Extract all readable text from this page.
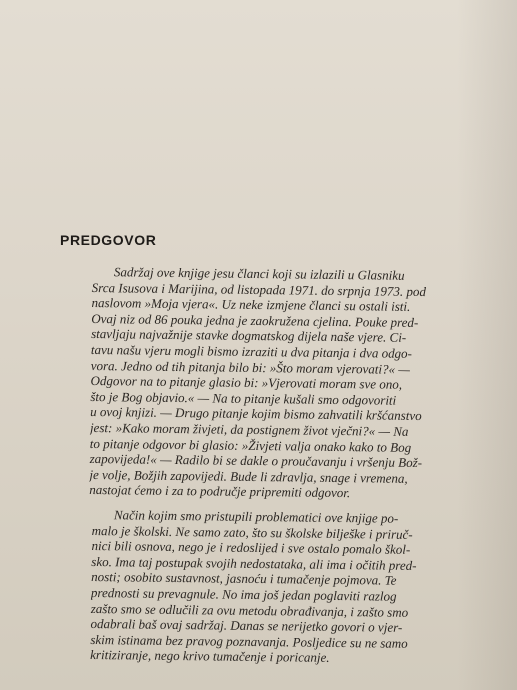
PREDGOVOR
Sadržaj ove knjige jesu članci koji su izlazili u Glasniku
Srca Isusova i Marijina, od listopada 1971. do srpnja 1973. pod
naslovom »Moja vjera«. Uz neke izmjene članci su ostali isti.
Ovaj niz od 86 pouka jedna je zaokružena cjelina. Pouke pred-
stavljaju najvažnije stavke dogmatskog dijela naše vjere. Ci-
tavu našu vjeru mogli bismo izraziti u dva pitanja i dva odgo-
vora. Jedno od tih pitanja bilo bi: »Što moram vjerovati?« —
Odgovor na to pitanje glasio bi: »Vjerovati moram sve ono,
što je Bog objavio.« — Na to pitanje kušali smo odgovoriti
u ovoj knjizi. — Drugo pitanje kojim bismo zahvatili kršćanstvo
jest: »Kako moram živjeti, da postignem život vječni?« — Na
to pitanje odgovor bi glasio: »Živjeti valja onako kako to Bog
zapovijeda!« — Radilo bi se dakle o proučavanju i vršenju Bož-
je volje, Božjih zapovijedi. Bude li zdravlja, snage i vremena,
nastojat ćemo i za to područje pripremiti odgovor.
Način kojim smo pristupili problematici ove knjige po-
malo je školski. Ne samo zato, što su školske bilješke i priruč-
nici bili osnova, nego je i redoslijed i sve ostalo pomalo škol-
sko. Ima taj postupak svojih nedostataka, ali ima i očitih pred-
nosti; osobito sustavnost, jasnoću i tumačenje pojmova. Te
prednosti su prevagnule. No ima još jedan poglaviti razlog
zašto smo se odlučili za ovu metodu obrađivanja, i zašto smo
odabrali baš ovaj sadržaj. Danas se nerijetko govori o vjer-
skim istinama bez pravog poznavanja. Posljedice su ne samo
kritiziranje, nego krivo tumačenje i poricanje.
